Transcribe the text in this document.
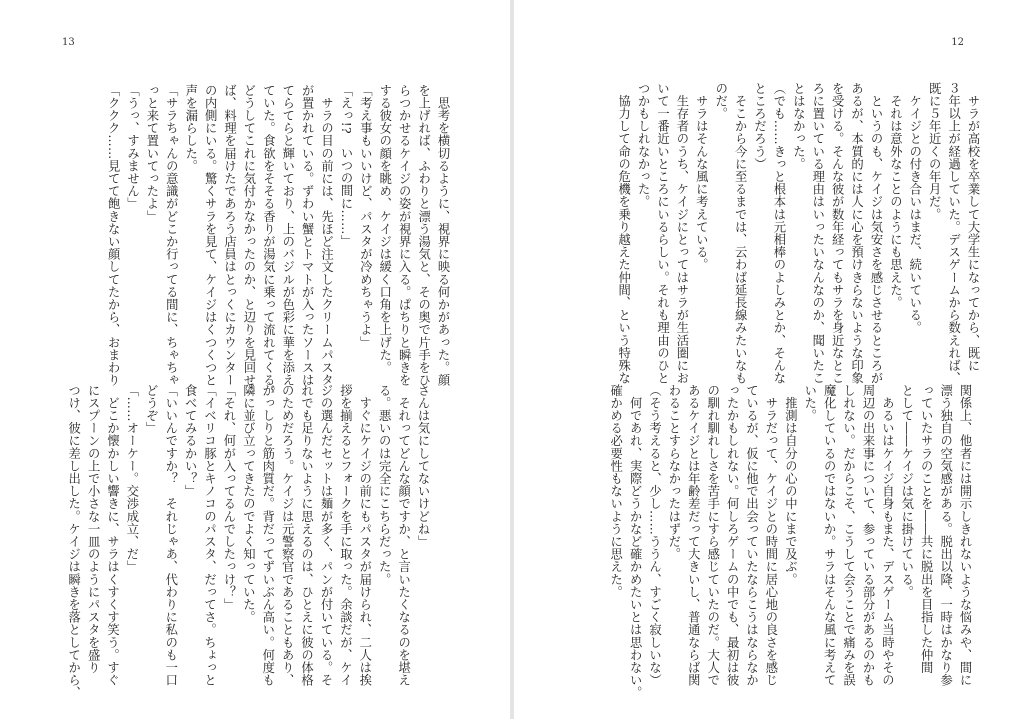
13
　思考を横切るように、視界に映る何かがあった。顔
を上げれば、ふわりと漂う湯気と、その奥で片手をひ
らつかせるケイジの姿が視界に入る。ぱちりと瞬きを
する彼女の顔を眺め、ケイジは緩く口角を上げた。
「考え事もいいけど、パスタが冷めちゃうよ」
「えっ!?　いつの間に……」
　サラの目の前には、先ほど注文したクリームパスタ
が置かれている。ずわい蟹とトマトが入ったソースは
てらてらと輝いており、上のバジルが色彩に華を添え
ていた。食欲をそそる香りが湯気に乗って流れてくる。
どうしてこれに気付かなかったのか、と辺りを見回せ
ば、料理を届けたであろう店員はとっくにカウンター
の内側にいる。驚くサラを見て、ケイジはくつくつと
声を漏らした。
「サラちゃんの意識がどこか行ってる間に、ちゃちゃ
っと来て置いてったよ」
「うっ、すみません」
「ククク……見てて飽きない顔してたから、おまわり
さんは気にしてないけどね」
　それってどんな顔ですか、と言いたくなるのを堪え
る。悪いのは完全にこちらだった。
　すぐにケイジの前にもパスタが届けられ、二人は挨
拶を揃えるとフォークを手に取った。余談だが、ケイ
ジの選んだセットは麺が多く、パンが付いている。そ
れでも足りないように思えるのは、ひとえに彼の体格
のためだろう。ケイジは元警察官であることもあり、
がっしりと筋肉質だ。背だってずいぶん高い。何度も
隣に並び立ってきたのでよく知っていた。
「それ、何が入ってるんでしたっけ？」
「イベリコ豚とキノコのパスタ、だってさ。ちょっと
食べてみるかい？」
「いいんですか？　それじゃあ、代わりに私のも一口
どうぞ」
「……オーケー。交渉成立、だ」
　どこか懐かしい響きに、サラはくすくす笑う。すぐ
にスプーンの上で小さな一皿のようにパスタを盛り
つけ、彼に差し出した。ケイジは瞬きを落としてから、
12
　サラが高校を卒業して大学生になってから、既に
３年以上が経過していた。デスゲームから数えれば、
既に５年近くの年月だ。
　ケイジとの付き合いはまだ、続いている。
　それは意外なことのようにも思えた。
　というのも、ケイジは気安さを感じさせるところが
あるが、本質的には人に心を預けきらないような印象
を受ける。そんな彼が数年経ってもサラを身近なとこ
ろに置いている理由はいったいなんなのか、聞いたこ
とはなかった。
（でも……きっと根本は元相棒のよしみとか、そんな
ところだろう）
　そこから今に至るまでは、云わば延長線みたいなも
のだ。
　サラはそんな風に考えている。
　生存者のうち、ケイジにとってはサラが生活圏にお
いて一番近いところにいるらしい。それも理由のひと
つかもしれなかった。
　協力して命の危機を乗り越えた仲間、という特殊な
関係上、他者には開示しきれないような悩みや、間に
漂う独自の空気感がある。脱出以降、一時はかなり参
っていたサラのことを――共に脱出を目指した仲間
として――ケイジは気に掛けている。
　あるいはケイジ自身もまた、デスゲーム当時やその
周辺の出来事について、参っている部分があるのかも
しれない。だからこそ、こうして会うことで痛みを誤
魔化しているのではないか。サラはそんな風に考えて
いた。
　推測は自分の心の中にまで及ぶ。
　サラだって、ケイジとの時間に居心地の良さを感じ
ているが、仮に他で出会っていたならこうはならなか
ったかもしれない。何しろゲームの中でも、最初は彼
の馴れ馴れしさを苦手にすら感じていたのだ。大人で
あるケイジとは年齢差だって大きいし、普通ならば関
わることすらなかったはずだ。
（そう考えると、少し……ううん、すごく寂しいな）
　何であれ、実際どうかなど確かめたいとは思わない。
確かめる必要性もないように思えた。
